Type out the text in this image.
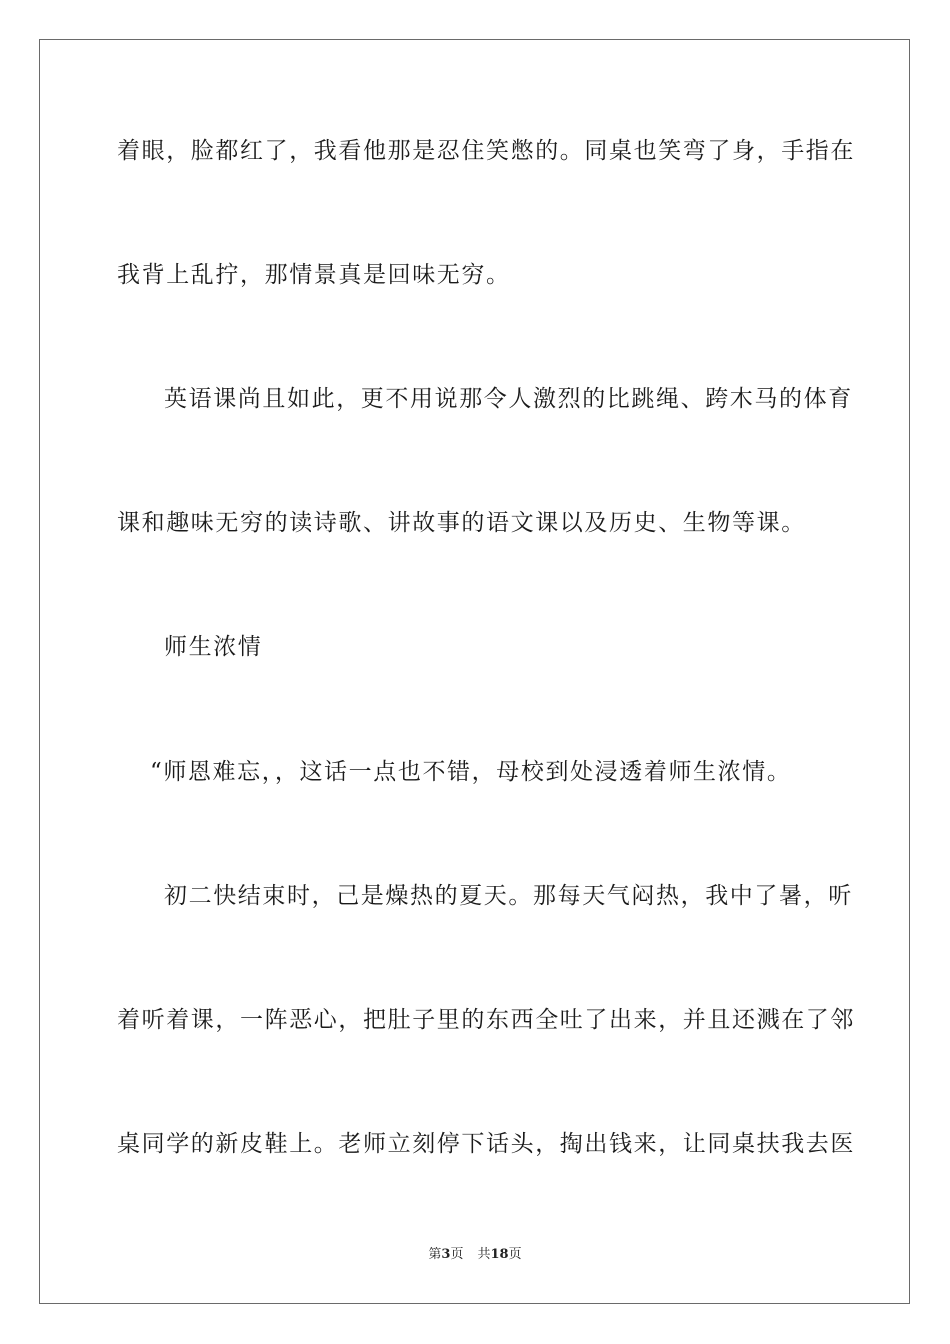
着眼，脸都红了，我看他那是忍住笑憋的。同桌也笑弯了身，手指在
我背上乱拧，那情景真是回味无穷。
英语课尚且如此，更不用说那令人激烈的比跳绳、跨木马的体育
课和趣味无穷的读诗歌、讲故事的语文课以及历史、生物等课。
师生浓情
“师恩难忘，，这话一点也不错，母校到处浸透着师生浓情。
初二快结束时，己是燥热的夏天。那每天气闷热，我中了暑，听
着听着课，一阵恶心，把肚子里的东西全吐了出来，并且还溅在了邻
桌同学的新皮鞋上。老师立刻停下话头，掏出钱来，让同桌扶我去医
第3页 共18页
